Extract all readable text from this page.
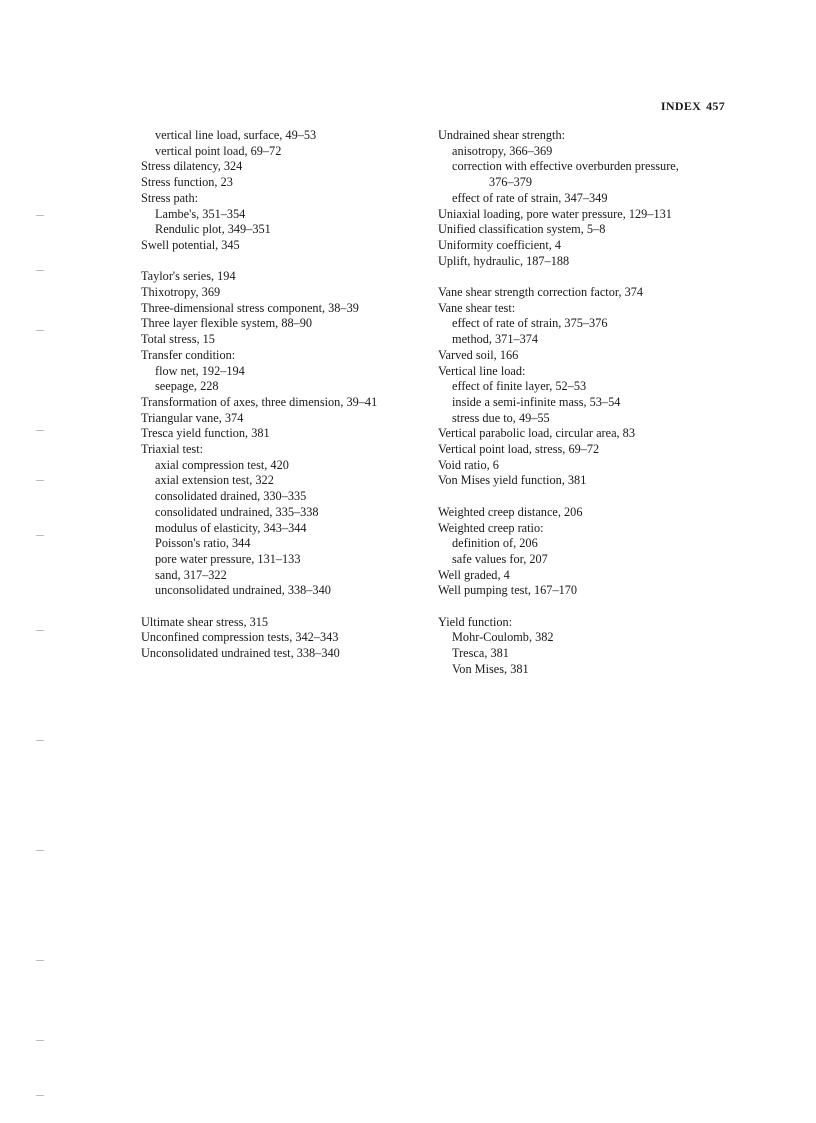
INDEX 457
vertical line load, surface, 49–53
vertical point load, 69–72
Stress dilatency, 324
Stress function, 23
Stress path:
Lambe's, 351–354
Rendulic plot, 349–351
Swell potential, 345
Taylor's series, 194
Thixotropy, 369
Three-dimensional stress component, 38–39
Three layer flexible system, 88–90
Total stress, 15
Transfer condition:
flow net, 192–194
seepage, 228
Transformation of axes, three dimension, 39–41
Triangular vane, 374
Tresca yield function, 381
Triaxial test:
axial compression test, 420
axial extension test, 322
consolidated drained, 330–335
consolidated undrained, 335–338
modulus of elasticity, 343–344
Poisson's ratio, 344
pore water pressure, 131–133
sand, 317–322
unconsolidated undrained, 338–340
Ultimate shear stress, 315
Unconfined compression tests, 342–343
Unconsolidated undrained test, 338–340
Undrained shear strength:
anisotropy, 366–369
correction with effective overburden pressure,
376–379
effect of rate of strain, 347–349
Uniaxial loading, pore water pressure, 129–131
Unified classification system, 5–8
Uniformity coefficient, 4
Uplift, hydraulic, 187–188
Vane shear strength correction factor, 374
Vane shear test:
effect of rate of strain, 375–376
method, 371–374
Varved soil, 166
Vertical line load:
effect of finite layer, 52–53
inside a semi-infinite mass, 53–54
stress due to, 49–55
Vertical parabolic load, circular area, 83
Vertical point load, stress, 69–72
Void ratio, 6
Von Mises yield function, 381
Weighted creep distance, 206
Weighted creep ratio:
definition of, 206
safe values for, 207
Well graded, 4
Well pumping test, 167–170
Yield function:
Mohr-Coulomb, 382
Tresca, 381
Von Mises, 381
